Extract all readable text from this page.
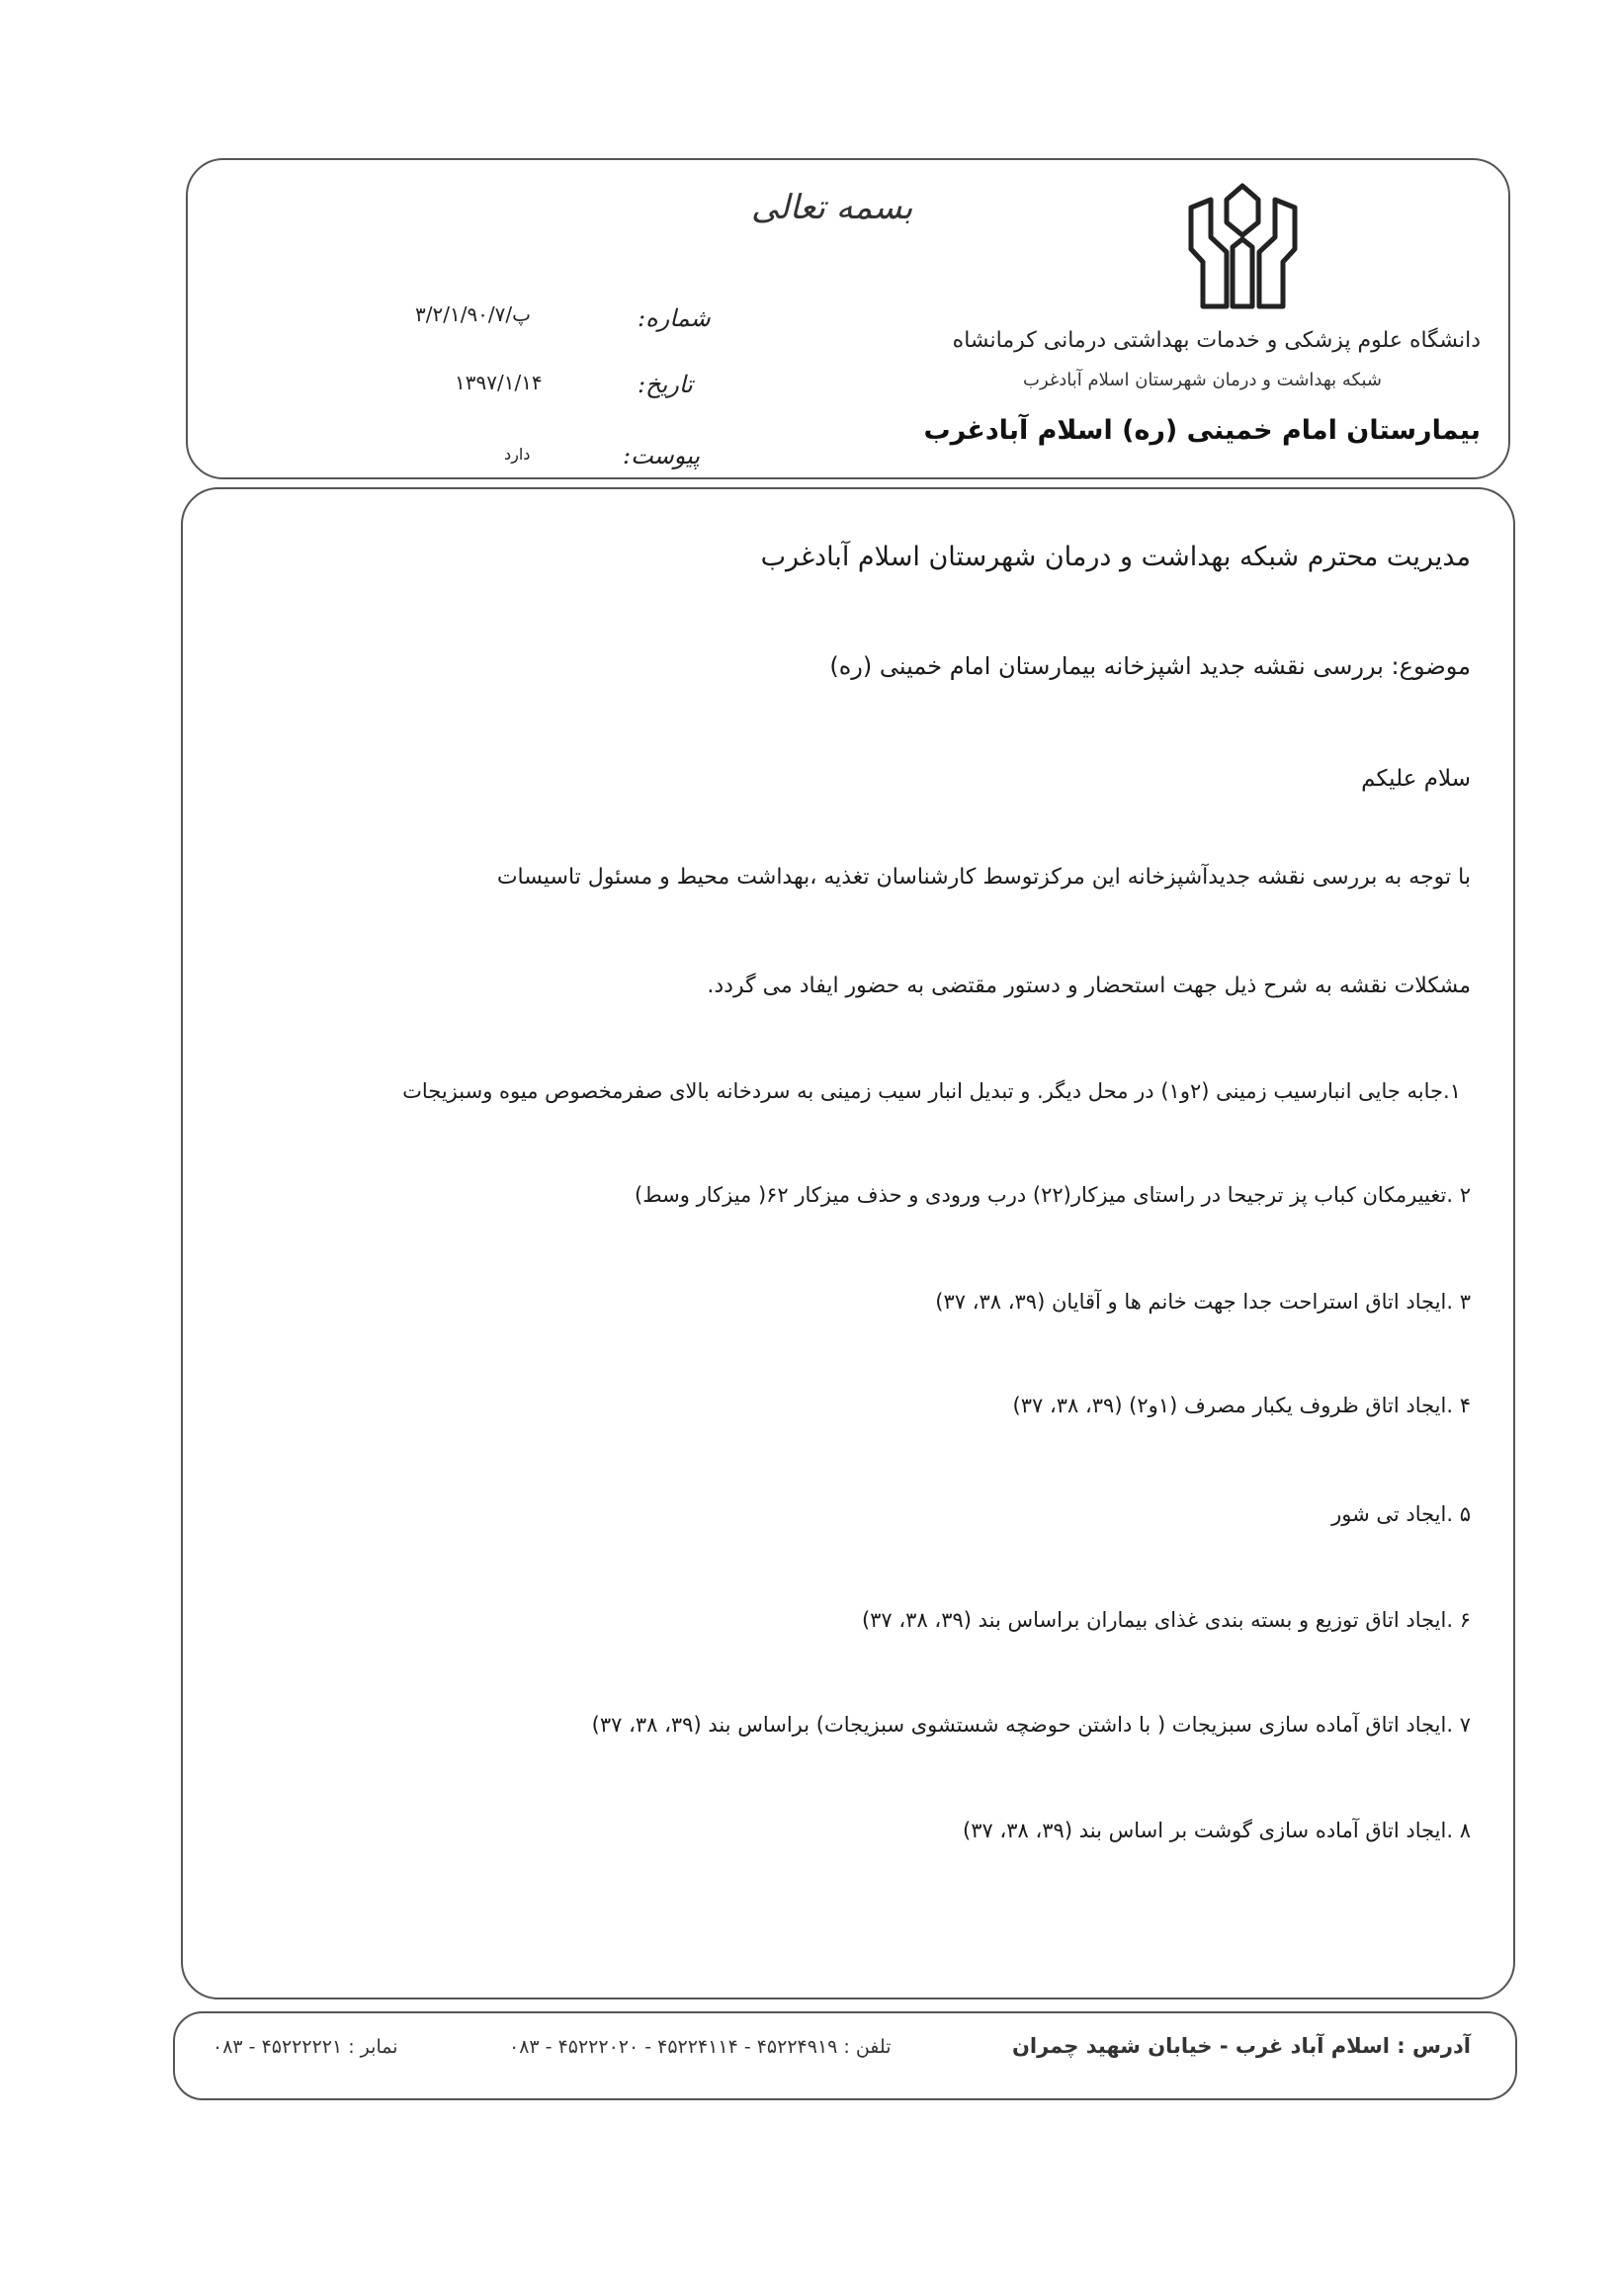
بسمه تعالی
دانشگاه علوم پزشکی و خدمات بهداشتی درمانی کرمانشاه
شبکه بهداشت و درمان شهرستان اسلام آبادغرب
بیمارستان امام خمینی (ره) اسلام آبادغرب
شماره:
۳/۲/۱/۹۰/۷/پ
تاریخ:
۱۳۹۷/۱/۱۴
پیوست:
دارد
مدیریت محترم شبکه بهداشت و درمان شهرستان اسلام آبادغرب
موضوع: بررسی نقشه جدید اشپزخانه بیمارستان امام خمینی (ره)
سلام علیکم
با توجه به بررسی نقشه جدیدآشپزخانه این مرکزتوسط کارشناسان تغذیه ،بهداشت محیط و مسئول تاسیسات
مشکلات نقشه به شرح ذیل جهت استحضار و دستور مقتضی به حضور ایفاد می گردد.
۱.جابه جایی انبارسیب زمینی (۲و۱) در محل دیگر. و تبدیل انبار سیب زمینی به سردخانه بالای صفرمخصوص میوه وسبزیجات
۲ .تغییرمکان کباب پز ترجیحا در راستای میزکار(۲۲) درب ورودی و حذف میزکار ۶۲( میزکار وسط)
۳ .ایجاد اتاق استراحت جدا جهت خانم ها و آقایان (۳۹، ۳۸، ۳۷)
۴ .ایجاد اتاق ظروف یکبار مصرف (۱و۲) (۳۹، ۳۸، ۳۷)
۵ .ایجاد تی شور
۶ .ایجاد اتاق توزیع و بسته بندی غذای بیماران براساس بند (۳۹، ۳۸، ۳۷)
۷ .ایجاد اتاق آماده سازی سبزیجات ( با داشتن حوضچه شستشوی سبزیجات) براساس بند (۳۹، ۳۸، ۳۷)
۸ .ایجاد اتاق آماده سازی گوشت بر اساس بند (۳۹، ۳۸، ۳۷)
آدرس : اسلام آباد غرب - خیابان شهید چمران
تلفن : ۴۵۲۲۴۹۱۹ - ۴۵۲۲۴۱۱۴ - ۴۵۲۲۲۰۲۰ - ۰۸۳
نمابر : ۴۵۲۲۲۲۲۱ - ۰۸۳
